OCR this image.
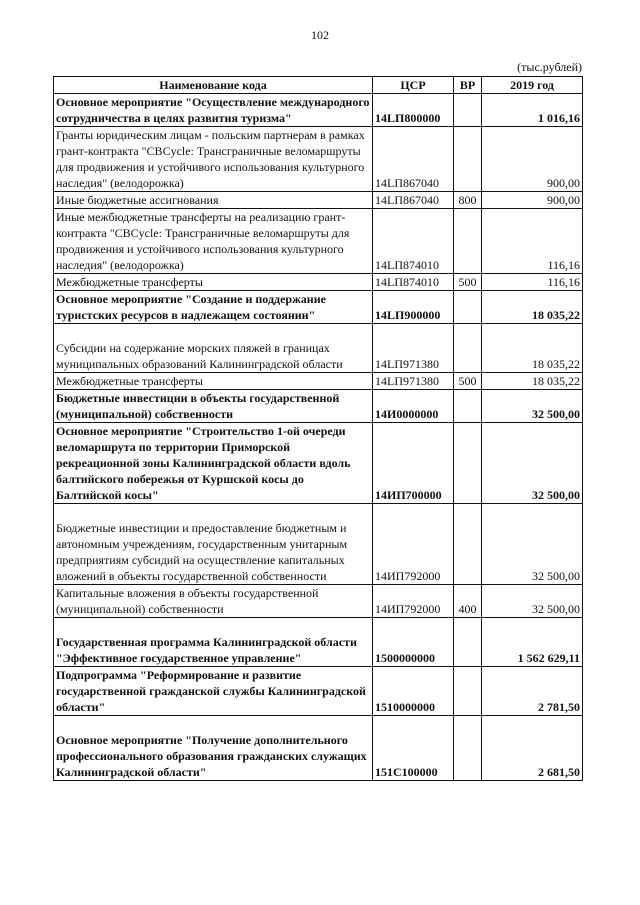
102
(тыс.рублей)
Наименование кода	ЦСР	ВР	2019 год
Основное мероприятие "Осуществление международного сотрудничества в целях развития туризма"	14LП800000		1 016,16
Гранты юридическим лицам - польским партнерам в рамках грант-контракта "CBCycle: Трансграничные веломаршруты для продвижения и устойчивого использования культурного наследия" (велодорожка)	14LП867040		900,00
Иные бюджетные ассигнования	14LП867040	800	900,00
Иные межбюджетные трансферты на реализацию грант-контракта "CBCycle: Трансграничные веломаршруты для продвижения и устойчивого использования культурного наследия" (велодорожка)	14LП874010		116,16
Межбюджетные трансферты	14LП874010	500	116,16
Основное мероприятие "Создание и поддержание туристских ресурсов в надлежащем состоянии"	14LП900000		18 035,22

Субсидии на содержание морских пляжей в границах муниципальных образований Калининградской области	14LП971380		18 035,22
Межбюджетные трансферты	14LП971380	500	18 035,22
Бюджетные инвестиции в объекты государственной (муниципальной) собственности	14И0000000		32 500,00
Основное мероприятие "Строительство 1-ой очереди веломаршрута по территории Приморской рекреационной зоны Калининградской области вдоль балтийского побережья от Куршской косы до Балтийской косы"	14ИП700000		32 500,00

Бюджетные инвестиции и предоставление бюджетным и автономным учреждениям, государственным унитарным предприятиям субсидий на осуществление капитальных вложений в объекты государственной собственности	14ИП792000		32 500,00
Капитальные вложения в объекты государственной (муниципальной) собственности	14ИП792000	400	32 500,00

Государственная программа Калининградской области "Эффективное государственное управление"	1500000000		1 562 629,11
Подпрограмма "Реформирование и развитие государственной гражданской службы Калининградской области"	1510000000		2 781,50

Основное мероприятие "Получение дополнительного профессионального образования гражданских служащих Калининградской области"	151С100000		2 681,50
